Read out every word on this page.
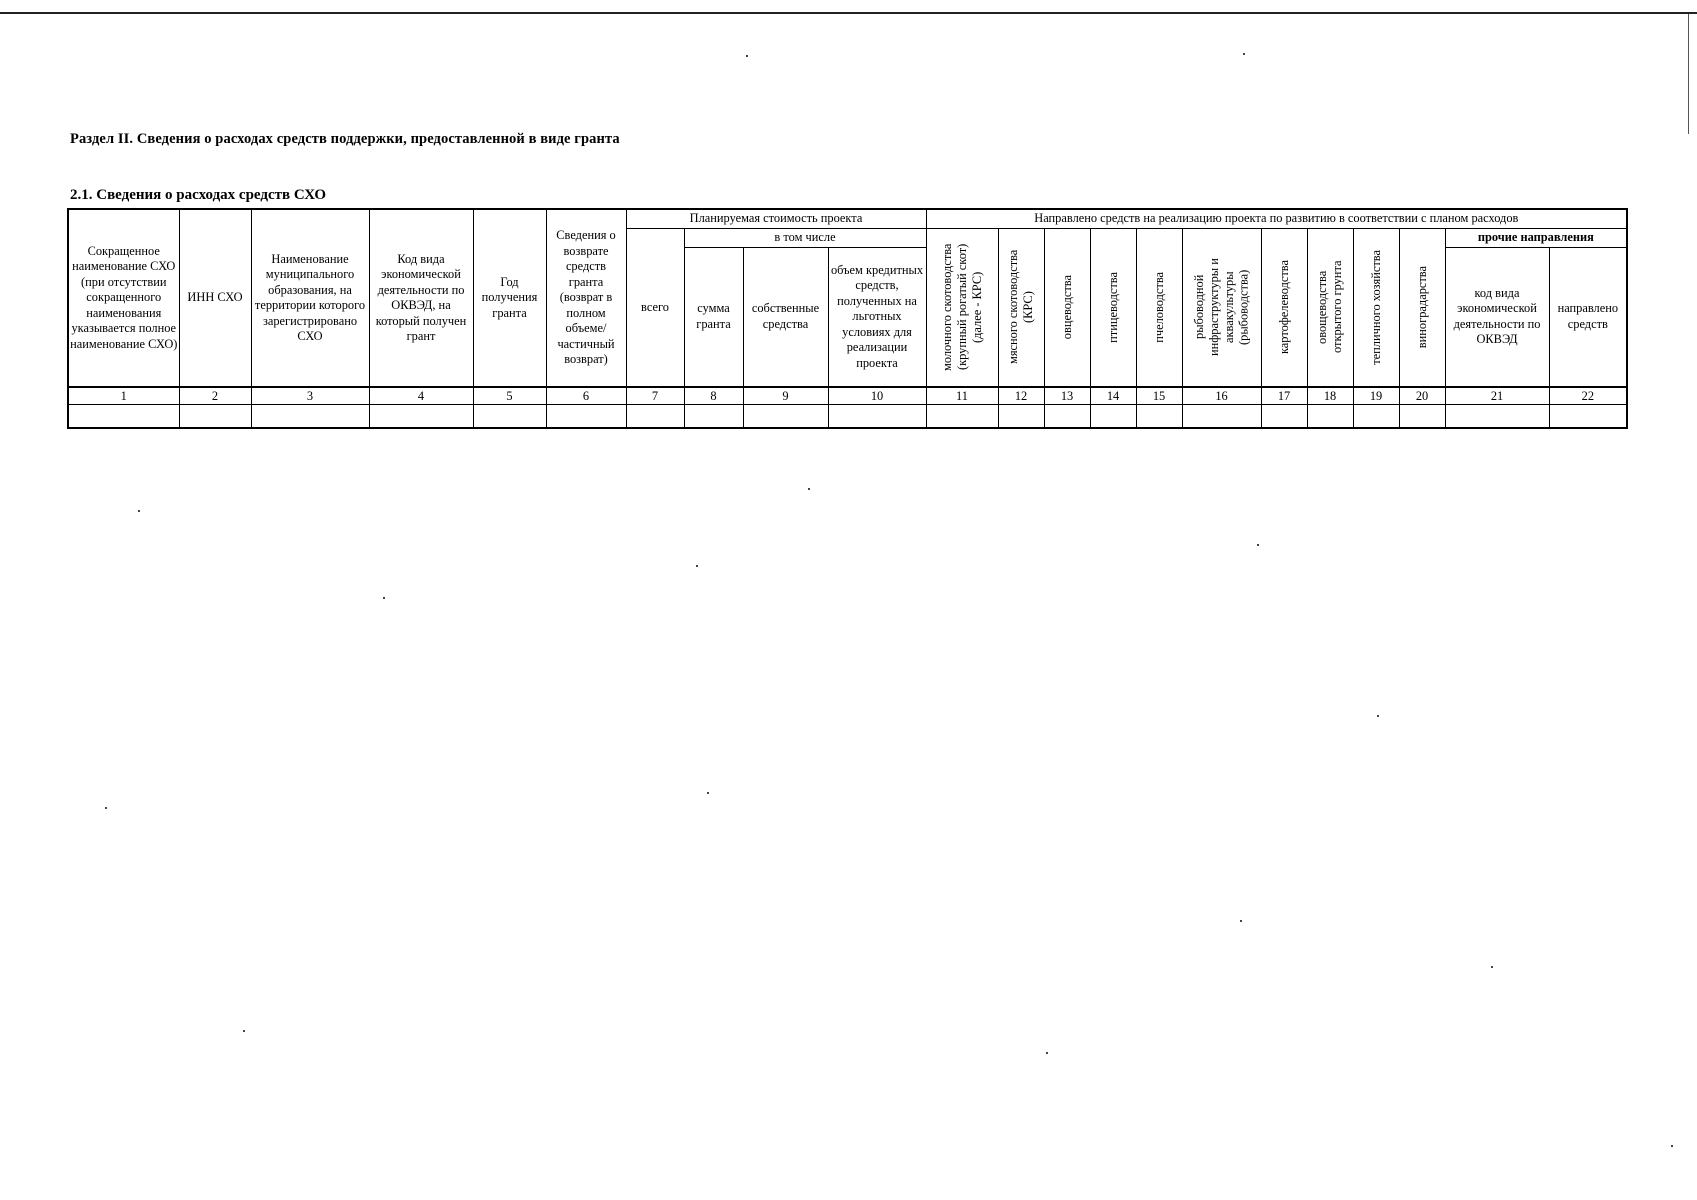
Раздел II. Сведения о расходах средств поддержки, предоставленной в виде гранта
2.1. Сведения о расходах средств СХО
Сокращенное наименование СХО (при отсутствии сокращенного наименования указывается полное наименование СХО)	ИНН СХО	Наименование муниципального образования, на территории которого зарегистрировано СХО	Код вида экономической деятельности по ОКВЭД, на который получен грант	Год получения гранта	Сведения о возврате средств гранта (возврат в полном объеме/ частичный возврат)	Планируемая стоимость проекта				Направлено средств на реализацию проекта по развитию в соответствии с планом расходов											
						всего	в том числе			молочного скотоводства (крупный рогатый скот) (далее - КРС)	мясного скотоводства (КРС)	овцеводства	птицеводства	пчеловодства	рыбоводной инфраструктуры и аквакультуры (рыбоводства)	картофелеводства	овощеводства открытого грунта	тепличного хозяйства	виноградарства	прочие направления	
							сумма гранта	собственные средства	объем кредитных средств, полученных на льготных условиях для реализации проекта											код вида экономической деятельности по ОКВЭД	направлено средств
1	2	3	4	5	6	7	8	9	10	11	12	13	14	15	16	17	18	19	20	21	22
